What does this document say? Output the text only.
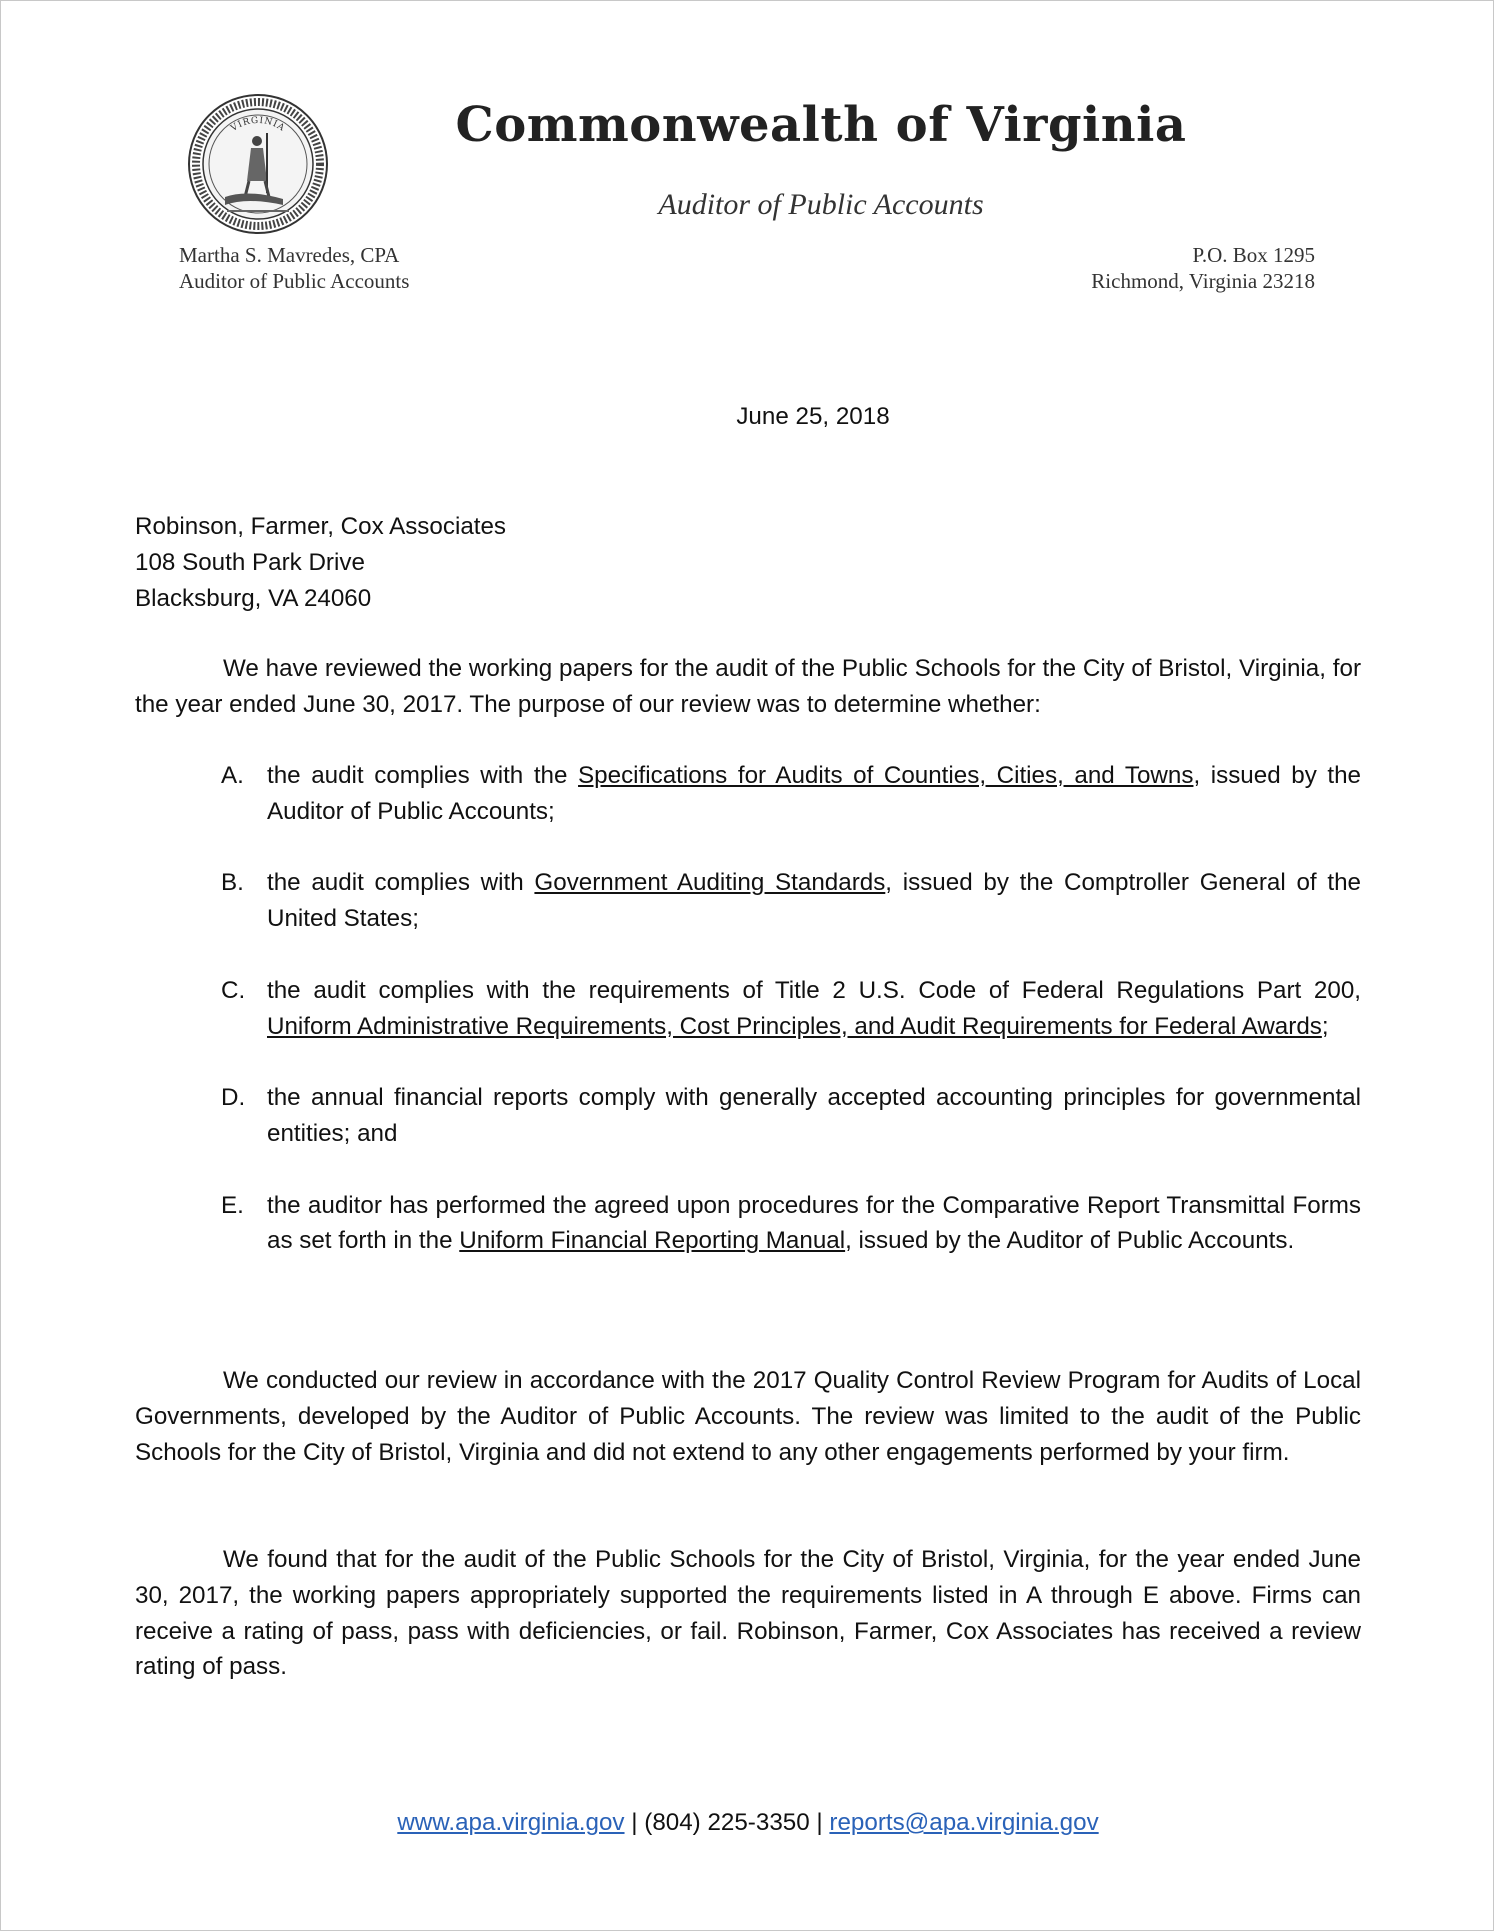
VIRGINIA	Commonwealth of Virginia
Auditor of Public Accounts
Martha S. Mavredes, CPA
Auditor of Public Accounts
P.O. Box 1295
Richmond, Virginia 23218
June 25, 2018
Robinson, Farmer, Cox Associates
108 South Park Drive
Blacksburg, VA 24060

We have reviewed the working papers for the audit of the Public Schools for the City of Bristol, Virginia, for the year ended June 30, 2017. The purpose of our review was to determine whether:

A. the audit complies with the Specifications for Audits of Counties, Cities, and Towns, issued by the Auditor of Public Accounts;
B. the audit complies with Government Auditing Standards, issued by the Comptroller General of the United States;
C. the audit complies with the requirements of Title 2 U.S. Code of Federal Regulations Part 200, Uniform Administrative Requirements, Cost Principles, and Audit Requirements for Federal Awards;
D. the annual financial reports comply with generally accepted accounting principles for governmental entities; and
E. the auditor has performed the agreed upon procedures for the Comparative Report Transmittal Forms as set forth in the Uniform Financial Reporting Manual, issued by the Auditor of Public Accounts.

We conducted our review in accordance with the 2017 Quality Control Review Program for Audits of Local Governments, developed by the Auditor of Public Accounts. The review was limited to the audit of the Public Schools for the City of Bristol, Virginia and did not extend to any other engagements performed by your firm.

We found that for the audit of the Public Schools for the City of Bristol, Virginia, for the year ended June 30, 2017, the working papers appropriately supported the requirements listed in A through E above. Firms can receive a rating of pass, pass with deficiencies, or fail. Robinson, Farmer, Cox Associates has received a review rating of pass.

www.apa.virginia.gov | (804) 225-3350 | reports@apa.virginia.gov
